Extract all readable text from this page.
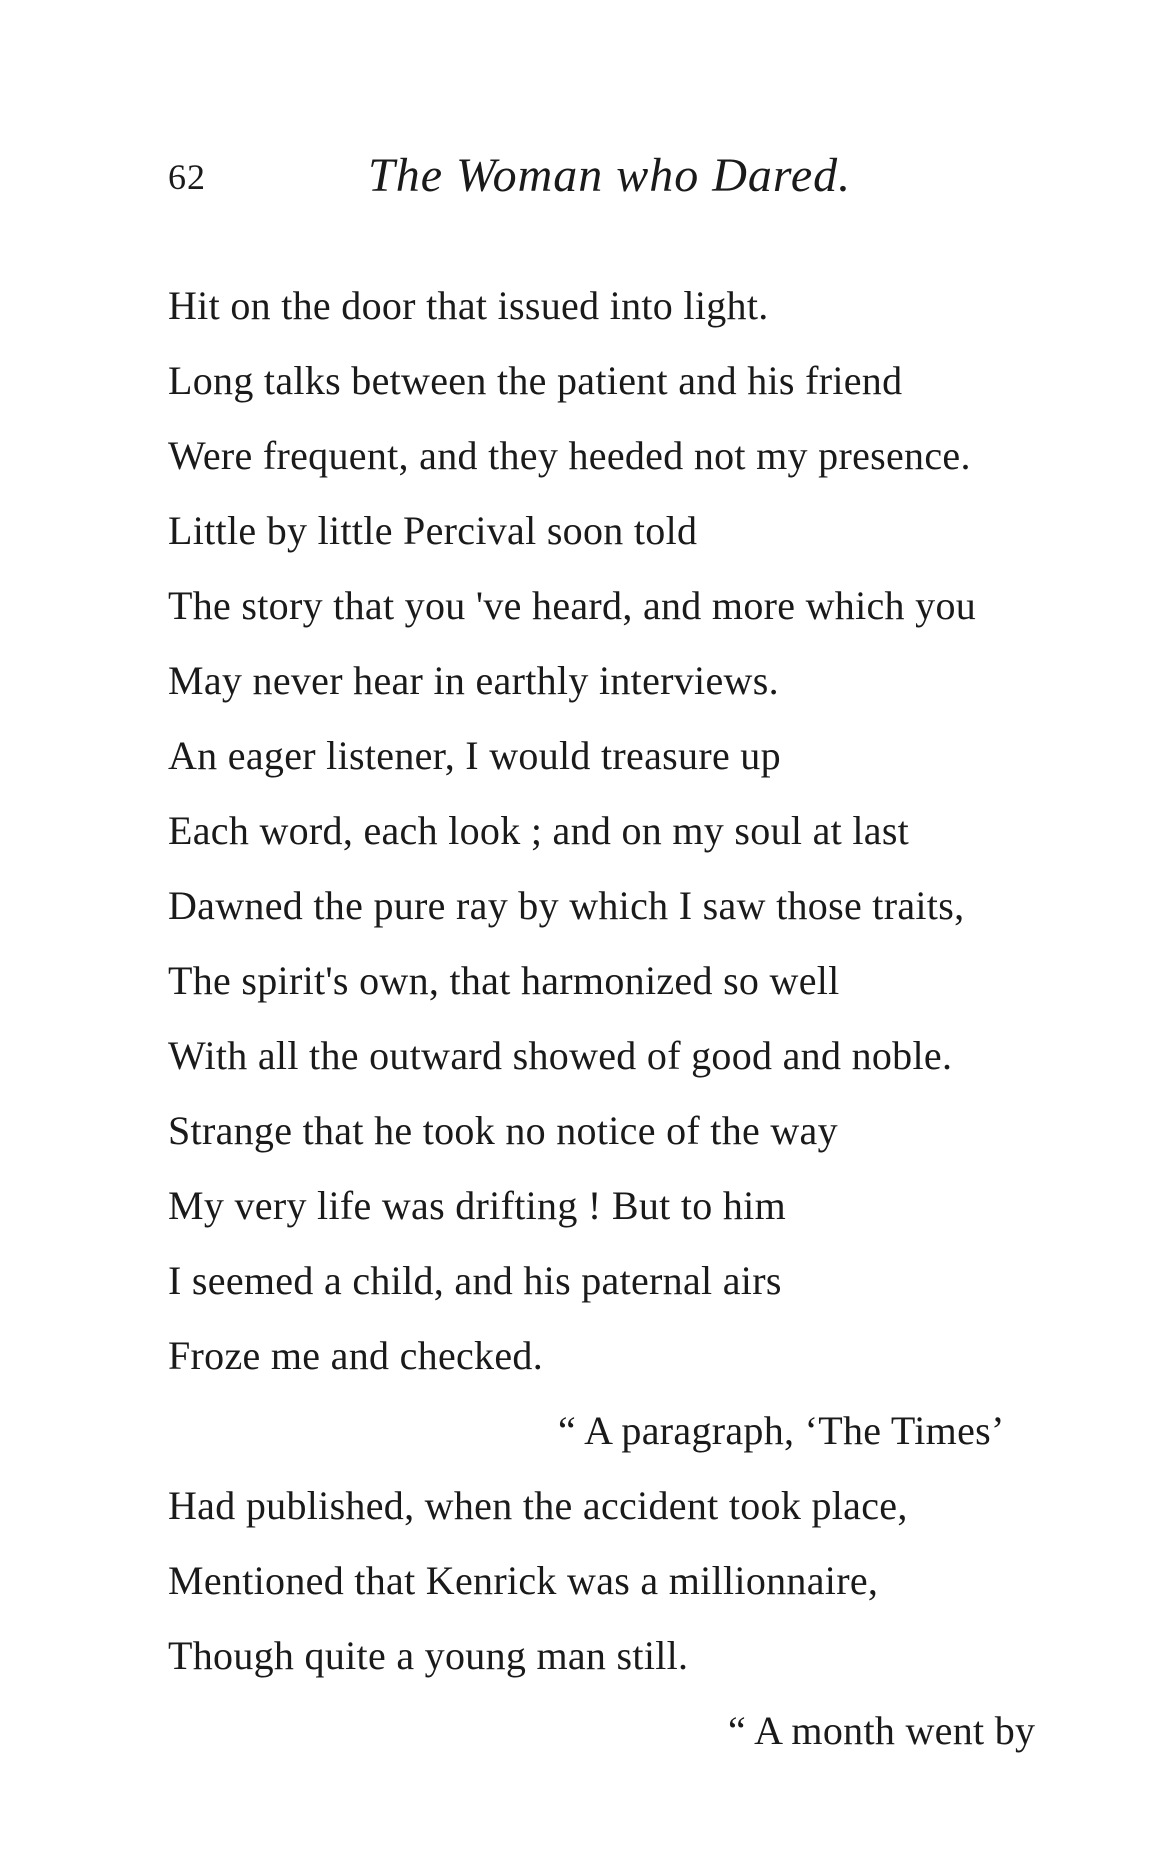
62	The Woman who Dared.
Hit on the door that issued into light.
Long talks between the patient and his friend
Were frequent, and they heeded not my presence.
Little by little Percival soon told
The story that you 've heard, and more which you
May never hear in earthly interviews.
An eager listener, I would treasure up
Each word, each look ; and on my soul at last
Dawned the pure ray by which I saw those traits,
The spirit's own, that harmonized so well
With all the outward showed of good and noble.
Strange that he took no notice of the way
My very life was drifting ! But to him
I seemed a child, and his paternal airs
Froze me and checked.
“ A paragraph, ‘The Times’
Had published, when the accident took place,
Mentioned that Kenrick was a millionnaire,
Though quite a young man still.
“ A month went by
